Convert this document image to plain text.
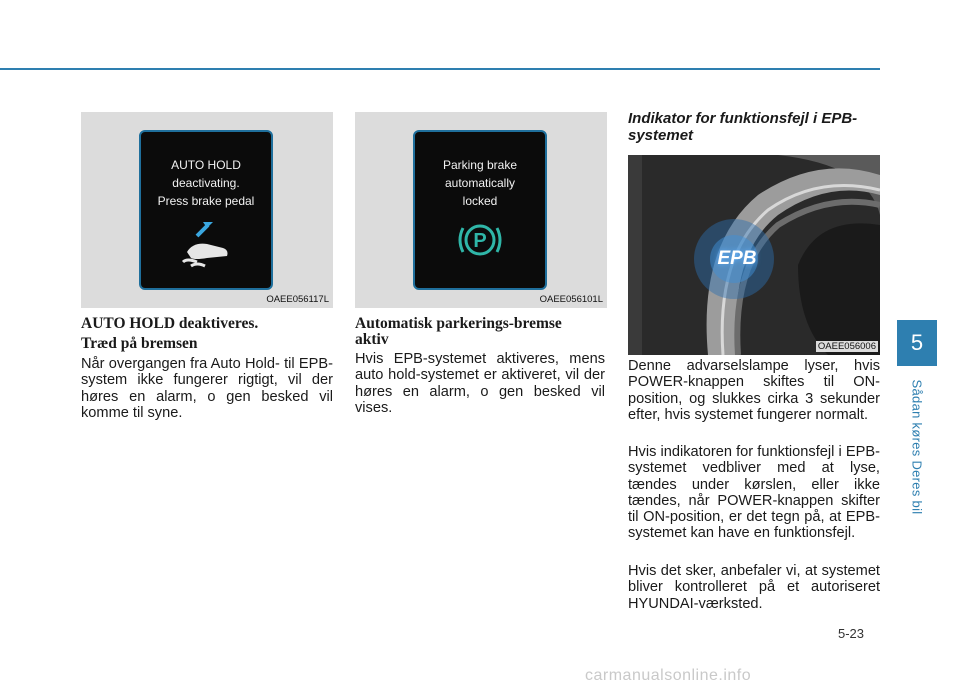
AUTO HOLD
deactivating.
Press brake pedal
OAEE056117L
Parking brake
automatically
locked
P
OAEE056101L
AUTO HOLD deaktiveres.
Træd på bremsen
Når overgangen fra Auto Hold- til EPB-system ikke fungerer rigtigt, vil der høres en alarm, o gen besked vil komme til syne.
Automatisk parkerings-bremse aktiv
Hvis EPB-systemet aktiveres, mens auto hold-systemet er aktiveret, vil der høres en alarm, o gen besked vil vises.
Indikator for funktionsfejl i EPB-systemet
EPB
OAEE056006
Denne advarselslampe lyser, hvis POWER-knappen skiftes til ON-position, og slukkes cirka 3 sekunder efter, hvis systemet fungerer normalt.
Hvis indikatoren for funktionsfejl i EPB-systemet vedbliver med at lyse, tændes under kørslen, eller ikke tændes, når POWER-knappen skifter til ON-position, er det tegn på, at EPB-systemet kan have en funktionsfejl.
Hvis det sker, anbefaler vi, at systemet bliver kontrolleret på et autoriseret HYUNDAI-værksted.
5
Sådan køres Deres bil
5-23
carmanualsonline.info
